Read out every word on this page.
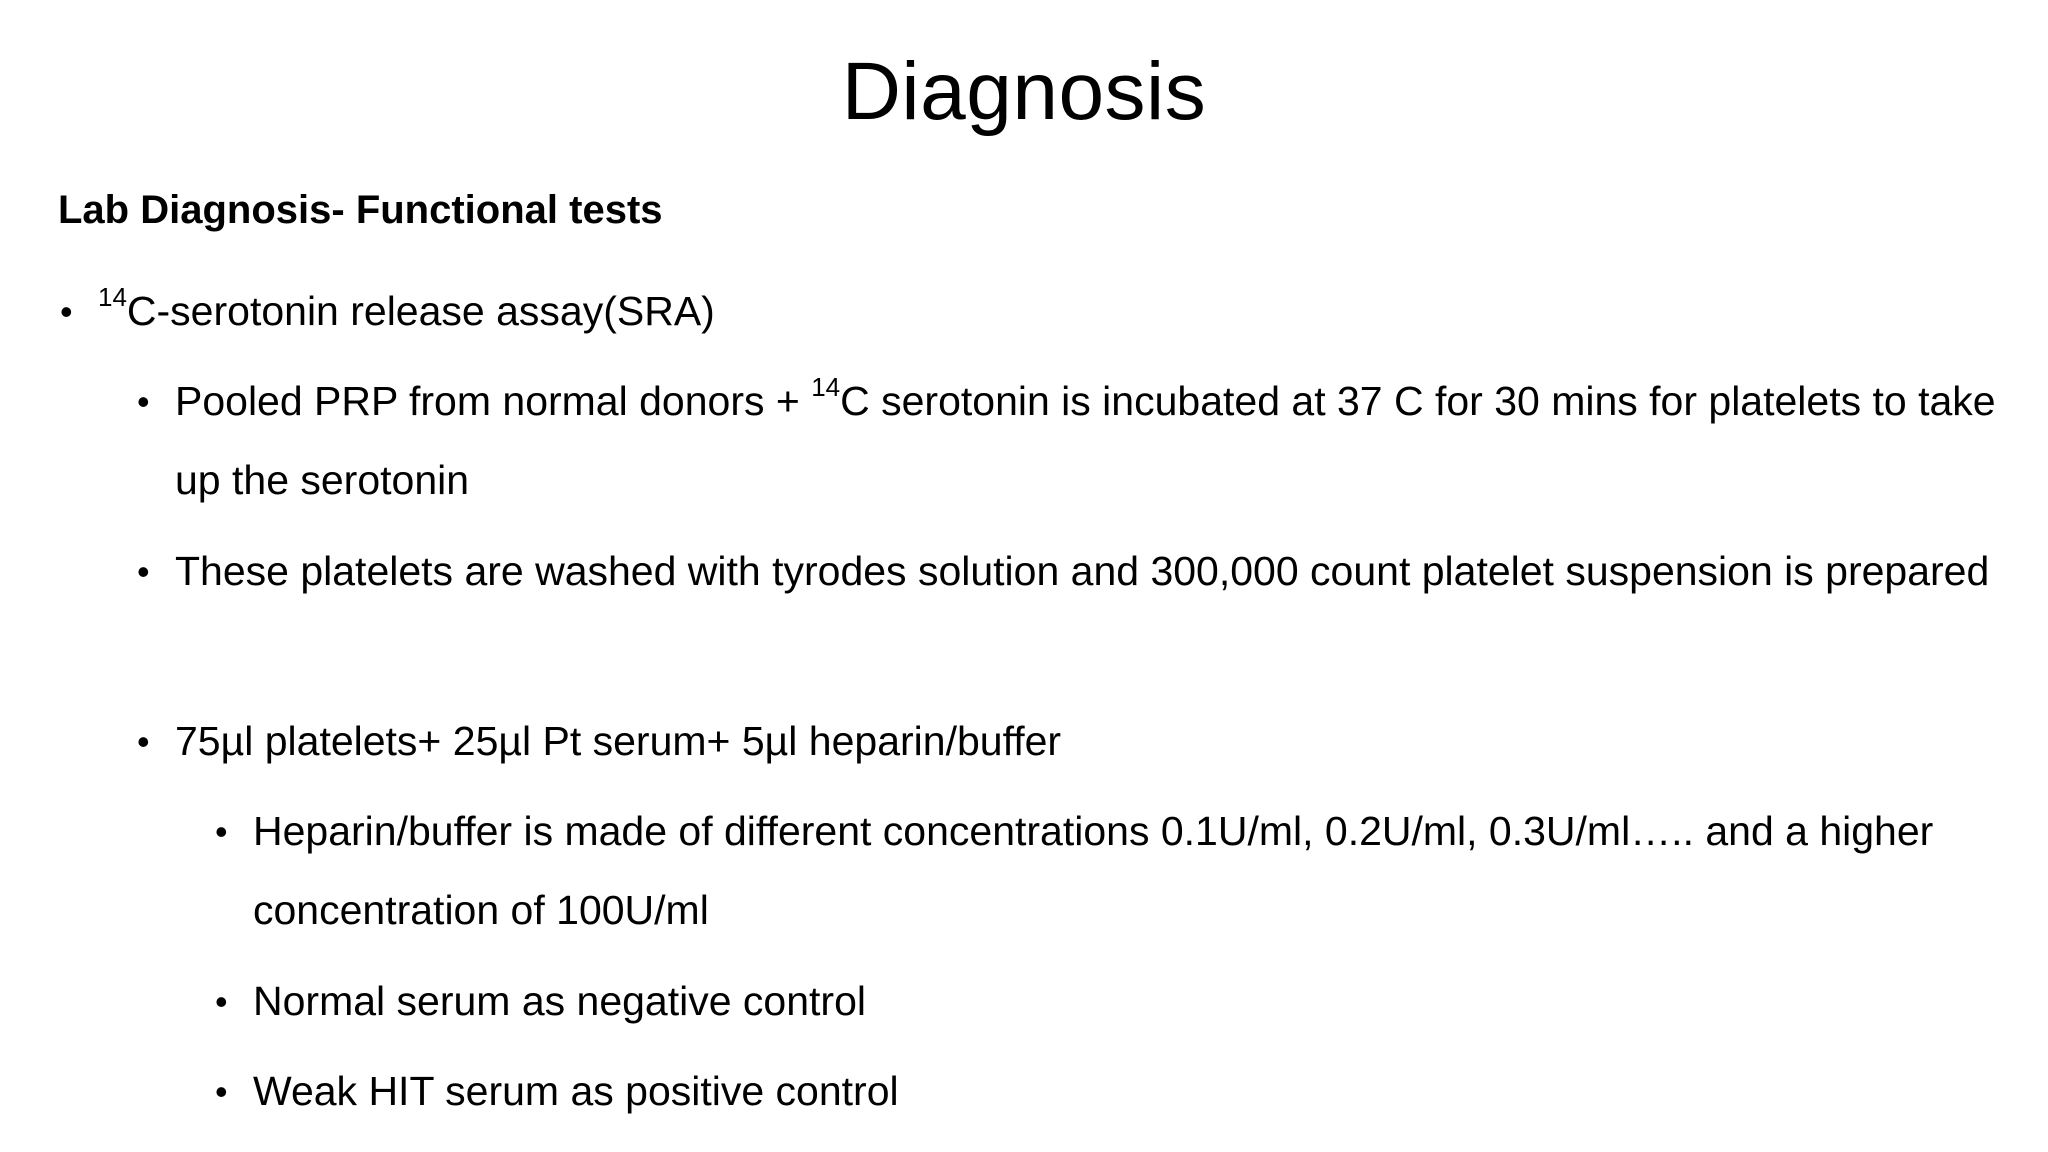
Diagnosis
Lab Diagnosis- Functional tests
• $^{14}$C-serotonin release assay(SRA)
• Pooled PRP from normal donors + $^{14}$C serotonin is incubated at 37 C for 30 mins for platelets to take up the serotonin
• These platelets are washed with tyrodes solution and 300,000 count platelet suspension is prepared
• 75µl platelets+ 25µl Pt serum+ 5µl heparin/buffer
• Heparin/buffer is made of different concentrations 0.1U/ml, 0.2U/ml, 0.3U/ml….. and a higher concentration of 100U/ml
• Normal serum as negative control
• Weak HIT serum as positive control
